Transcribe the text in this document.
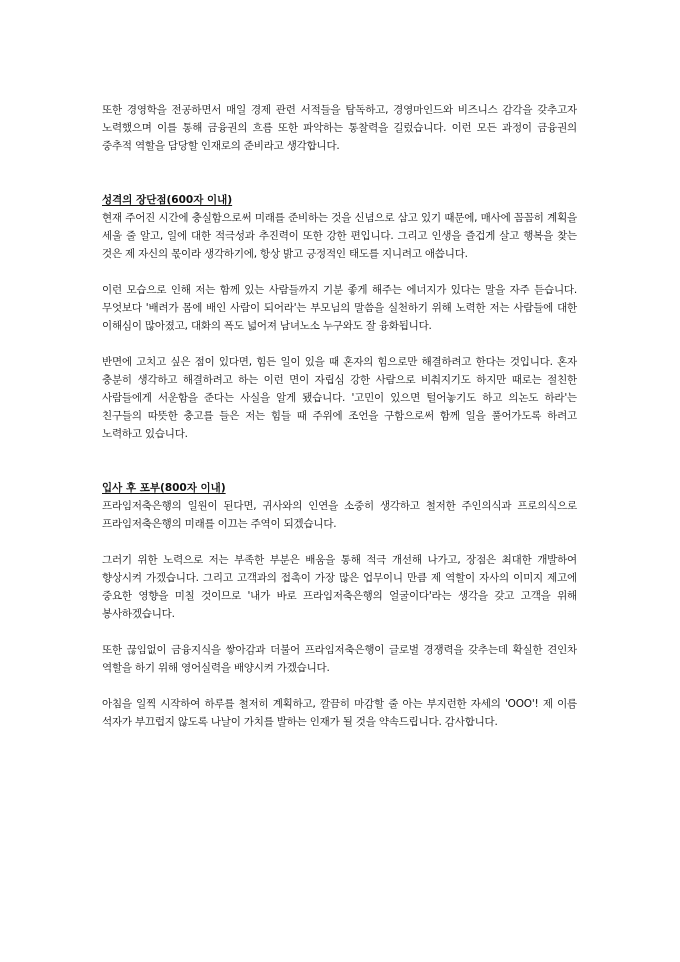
또한 경영학을 전공하면서 매일 경제 관련 서적들을 탐독하고, 경영마인드와 비즈니스 감각을 갖추고자 노력했으며 이를 통해 금융권의 흐름 또한 파악하는 통찰력을 길렀습니다. 이런 모든 과정이 금융권의 중추적 역할을 담당할 인재로의 준비라고 생각합니다.

성격의 장단점(600자 이내)

현재 주어진 시간에 충실함으로써 미래를 준비하는 것을 신념으로 삼고 있기 때문에, 매사에 꼼꼼히 계획을 세울 줄 알고, 일에 대한 적극성과 추진력이 또한 강한 편입니다. 그리고 인생을 즐겁게 살고 행복을 찾는 것은 제 자신의 몫이라 생각하기에, 항상 밝고 긍정적인 태도를 지니려고 애씁니다.

이런 모습으로 인해 저는 함께 있는 사람들까지 기분 좋게 해주는 에너지가 있다는 말을 자주 듣습니다. 무엇보다 '배려가 몸에 배인 사람이 되어라'는 부모님의 말씀을 실천하기 위해 노력한 저는 사람들에 대한 이해심이 많아졌고, 대화의 폭도 넓어져 남녀노소 누구와도 잘 융화됩니다.

반면에 고치고 싶은 점이 있다면, 힘든 일이 있을 때 혼자의 힘으로만 해결하려고 한다는 것입니다. 혼자 충분히 생각하고 해결하려고 하는 이런 면이 자립심 강한 사람으로 비춰지기도 하지만 때로는 절친한 사람들에게 서운함을 준다는 사실을 알게 됐습니다. '고민이 있으면 털어놓기도 하고 의논도 하라'는 친구들의 따뜻한 충고를 들은 저는 힘들 때 주위에 조언을 구함으로써 함께 일을 풀어가도록 하려고 노력하고 있습니다.

입사 후 포부(800자 이내)

프라임저축은행의 일원이 된다면, 귀사와의 인연을 소중히 생각하고 철저한 주인의식과 프로의식으로 프라임저축은행의 미래를 이끄는 주역이 되겠습니다.

그러기 위한 노력으로 저는 부족한 부분은 배움을 통해 적극 개선해 나가고, 장점은 최대한 개발하여 향상시켜 가겠습니다. 그리고 고객과의 접촉이 가장 많은 업무이니 만큼 제 역할이 자사의 이미지 제고에 중요한 영향을 미칠 것이므로 '내가 바로 프라임저축은행의 얼굴이다'라는 생각을 갖고 고객을 위해 봉사하겠습니다.

또한 끊임없이 금융지식을 쌓아감과 더불어 프라임저축은행이 글로벌 경쟁력을 갖추는데 확실한 견인차 역할을 하기 위해 영어실력을 배양시켜 가겠습니다.

아침을 일찍 시작하여 하루를 철저히 계획하고, 깔끔히 마감할 줄 아는 부지런한 자세의 'OOO'! 제 이름 석자가 부끄럽지 않도록 나날이 가치를 발하는 인재가 될 것을 약속드립니다. 감사합니다.
